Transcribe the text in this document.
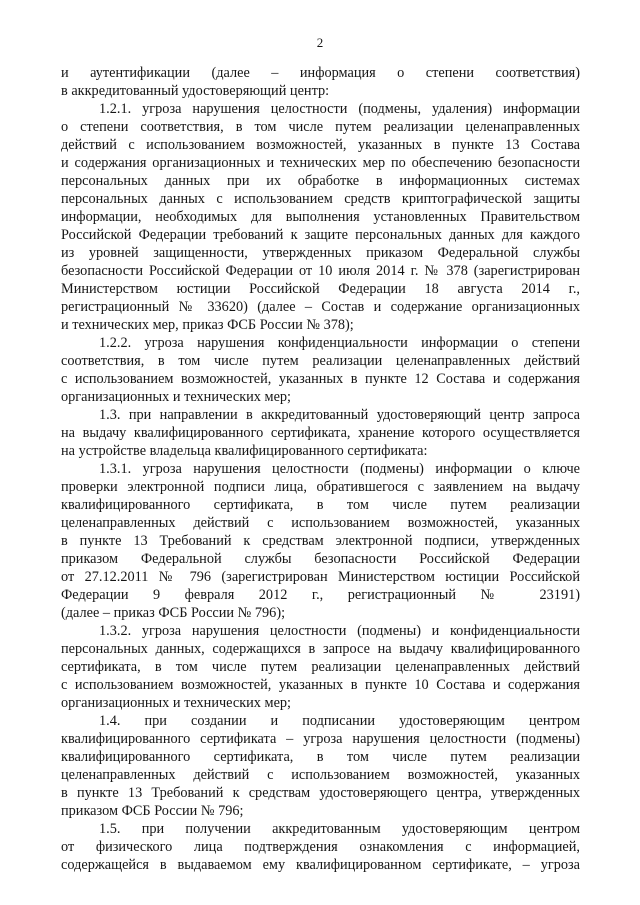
2
и аутентификации (далее – информация о степени соответствия)
в аккредитованный удостоверяющий центр:
1.2.1. угроза нарушения целостности (подмены, удаления) информации
о степени соответствия, в том числе путем реализации целенаправленных
действий с использованием возможностей, указанных в пункте 13 Состава
и содержания организационных и технических мер по обеспечению безопасности
персональных данных при их обработке в информационных системах
персональных данных с использованием средств криптографической защиты
информации, необходимых для выполнения установленных Правительством
Российской Федерации требований к защите персональных данных для каждого
из уровней защищенности, утвержденных приказом Федеральной службы
безопасности Российской Федерации от 10 июля 2014 г. № 378 (зарегистрирован
Министерством юстиции Российской Федерации 18 августа 2014 г.,
регистрационный № 33620) (далее – Состав и содержание организационных
и технических мер, приказ ФСБ России № 378);
1.2.2. угроза нарушения конфиденциальности информации о степени
соответствия, в том числе путем реализации целенаправленных действий
с использованием возможностей, указанных в пункте 12 Состава и содержания
организационных и технических мер;
1.3. при направлении в аккредитованный удостоверяющий центр запроса
на выдачу квалифицированного сертификата, хранение которого осуществляется
на устройстве владельца квалифицированного сертификата:
1.3.1. угроза нарушения целостности (подмены) информации о ключе
проверки электронной подписи лица, обратившегося с заявлением на выдачу
квалифицированного сертификата, в том числе путем реализации
целенаправленных действий с использованием возможностей, указанных
в пункте 13 Требований к средствам электронной подписи, утвержденных
приказом Федеральной службы безопасности Российской Федерации
от 27.12.2011 № 796 (зарегистрирован Министерством юстиции Российской
Федерации 9 февраля 2012 г., регистрационный № 23191)
(далее – приказ ФСБ России № 796);
1.3.2. угроза нарушения целостности (подмены) и конфиденциальности
персональных данных, содержащихся в запросе на выдачу квалифицированного
сертификата, в том числе путем реализации целенаправленных действий
с использованием возможностей, указанных в пункте 10 Состава и содержания
организационных и технических мер;
1.4. при создании и подписании удостоверяющим центром
квалифицированного сертификата – угроза нарушения целостности (подмены)
квалифицированного сертификата, в том числе путем реализации
целенаправленных действий с использованием возможностей, указанных
в пункте 13 Требований к средствам удостоверяющего центра, утвержденных
приказом ФСБ России № 796;
1.5. при получении аккредитованным удостоверяющим центром
от физического лица подтверждения ознакомления с информацией,
содержащейся в выдаваемом ему квалифицированном сертификате, – угроза
